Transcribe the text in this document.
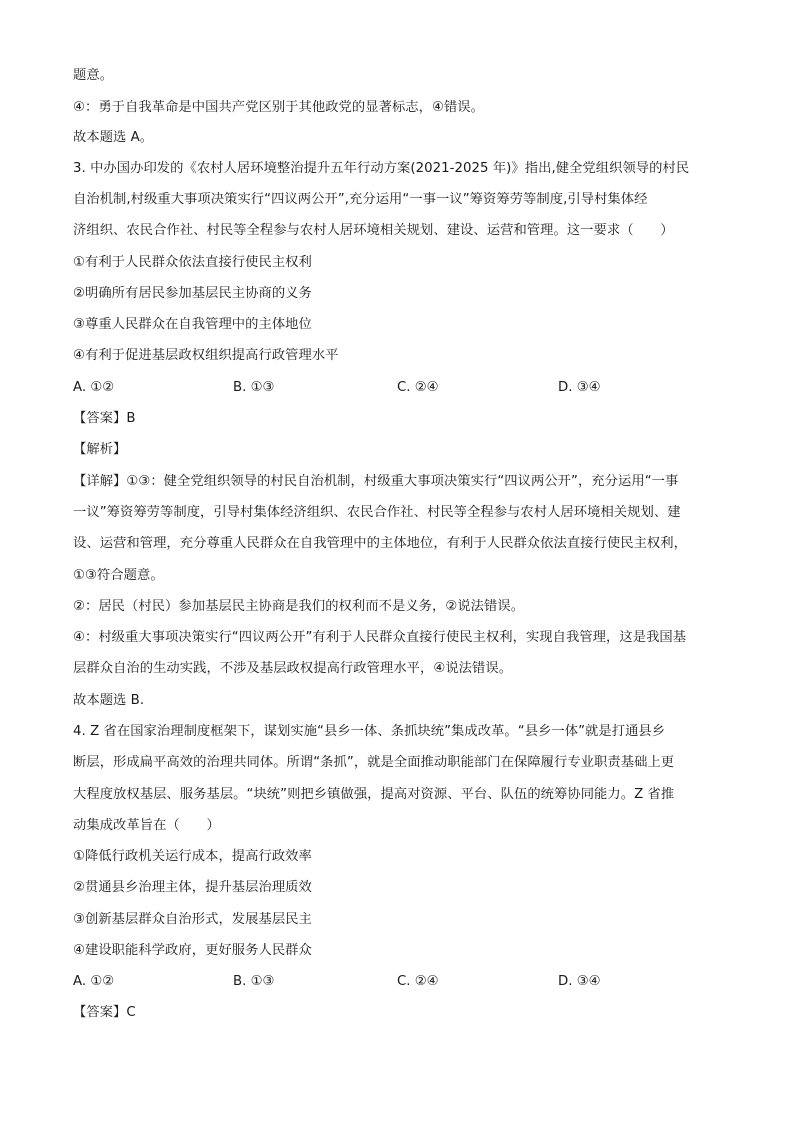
题意。
④：勇于自我革命是中国共产党区别于其他政党的显著标志，④错误。
故本题选 A。
3. 中办国办印发的《农村人居环境整治提升五年行动方案(2021-2025 年)》指出,健全党组织领导的村民
自治机制,村级重大事项决策实行“四议两公开”,充分运用“一事一议”筹资筹劳等制度,引导村集体经
济组织、农民合作社、村民等全程参与农村人居环境相关规划、建设、运营和管理。这一要求（　　）
①有利于人民群众依法直接行使民主权利
②明确所有居民参加基层民主协商的义务
③尊重人民群众在自我管理中的主体地位
④有利于促进基层政权组织提高行政管理水平
A. ①②	B. ①③	C. ②④	D. ③④
【答案】B
【解析】
【详解】①③：健全党组织领导的村民自治机制，村级重大事项决策实行“四议两公开”，充分运用“一事
一议”筹资筹劳等制度，引导村集体经济组织、农民合作社、村民等全程参与农村人居环境相关规划、建
设、运营和管理，充分尊重人民群众在自我管理中的主体地位，有利于人民群众依法直接行使民主权利，
①③符合题意。
②：居民（村民）参加基层民主协商是我们的权利而不是义务，②说法错误。
④：村级重大事项决策实行“四议两公开”有利于人民群众直接行使民主权利，实现自我管理，这是我国基
层群众自治的生动实践，不涉及基层政权提高行政管理水平，④说法错误。
故本题选 B.
4. Z 省在国家治理制度框架下，谋划实施“县乡一体、条抓块统”集成改革。“县乡一体”就是打通县乡
断层，形成扁平高效的治理共同体。所谓“条抓”，就是全面推动职能部门在保障履行专业职责基础上更
大程度放权基层、服务基层。“块统”则把乡镇做强，提高对资源、平台、队伍的统筹协同能力。Z 省推
动集成改革旨在（　　）
①降低行政机关运行成本，提高行政效率
②贯通县乡治理主体，提升基层治理质效
③创新基层群众自治形式，发展基层民主
④建设职能科学政府，更好服务人民群众
A. ①②	B. ①③	C. ②④	D. ③④
【答案】C
